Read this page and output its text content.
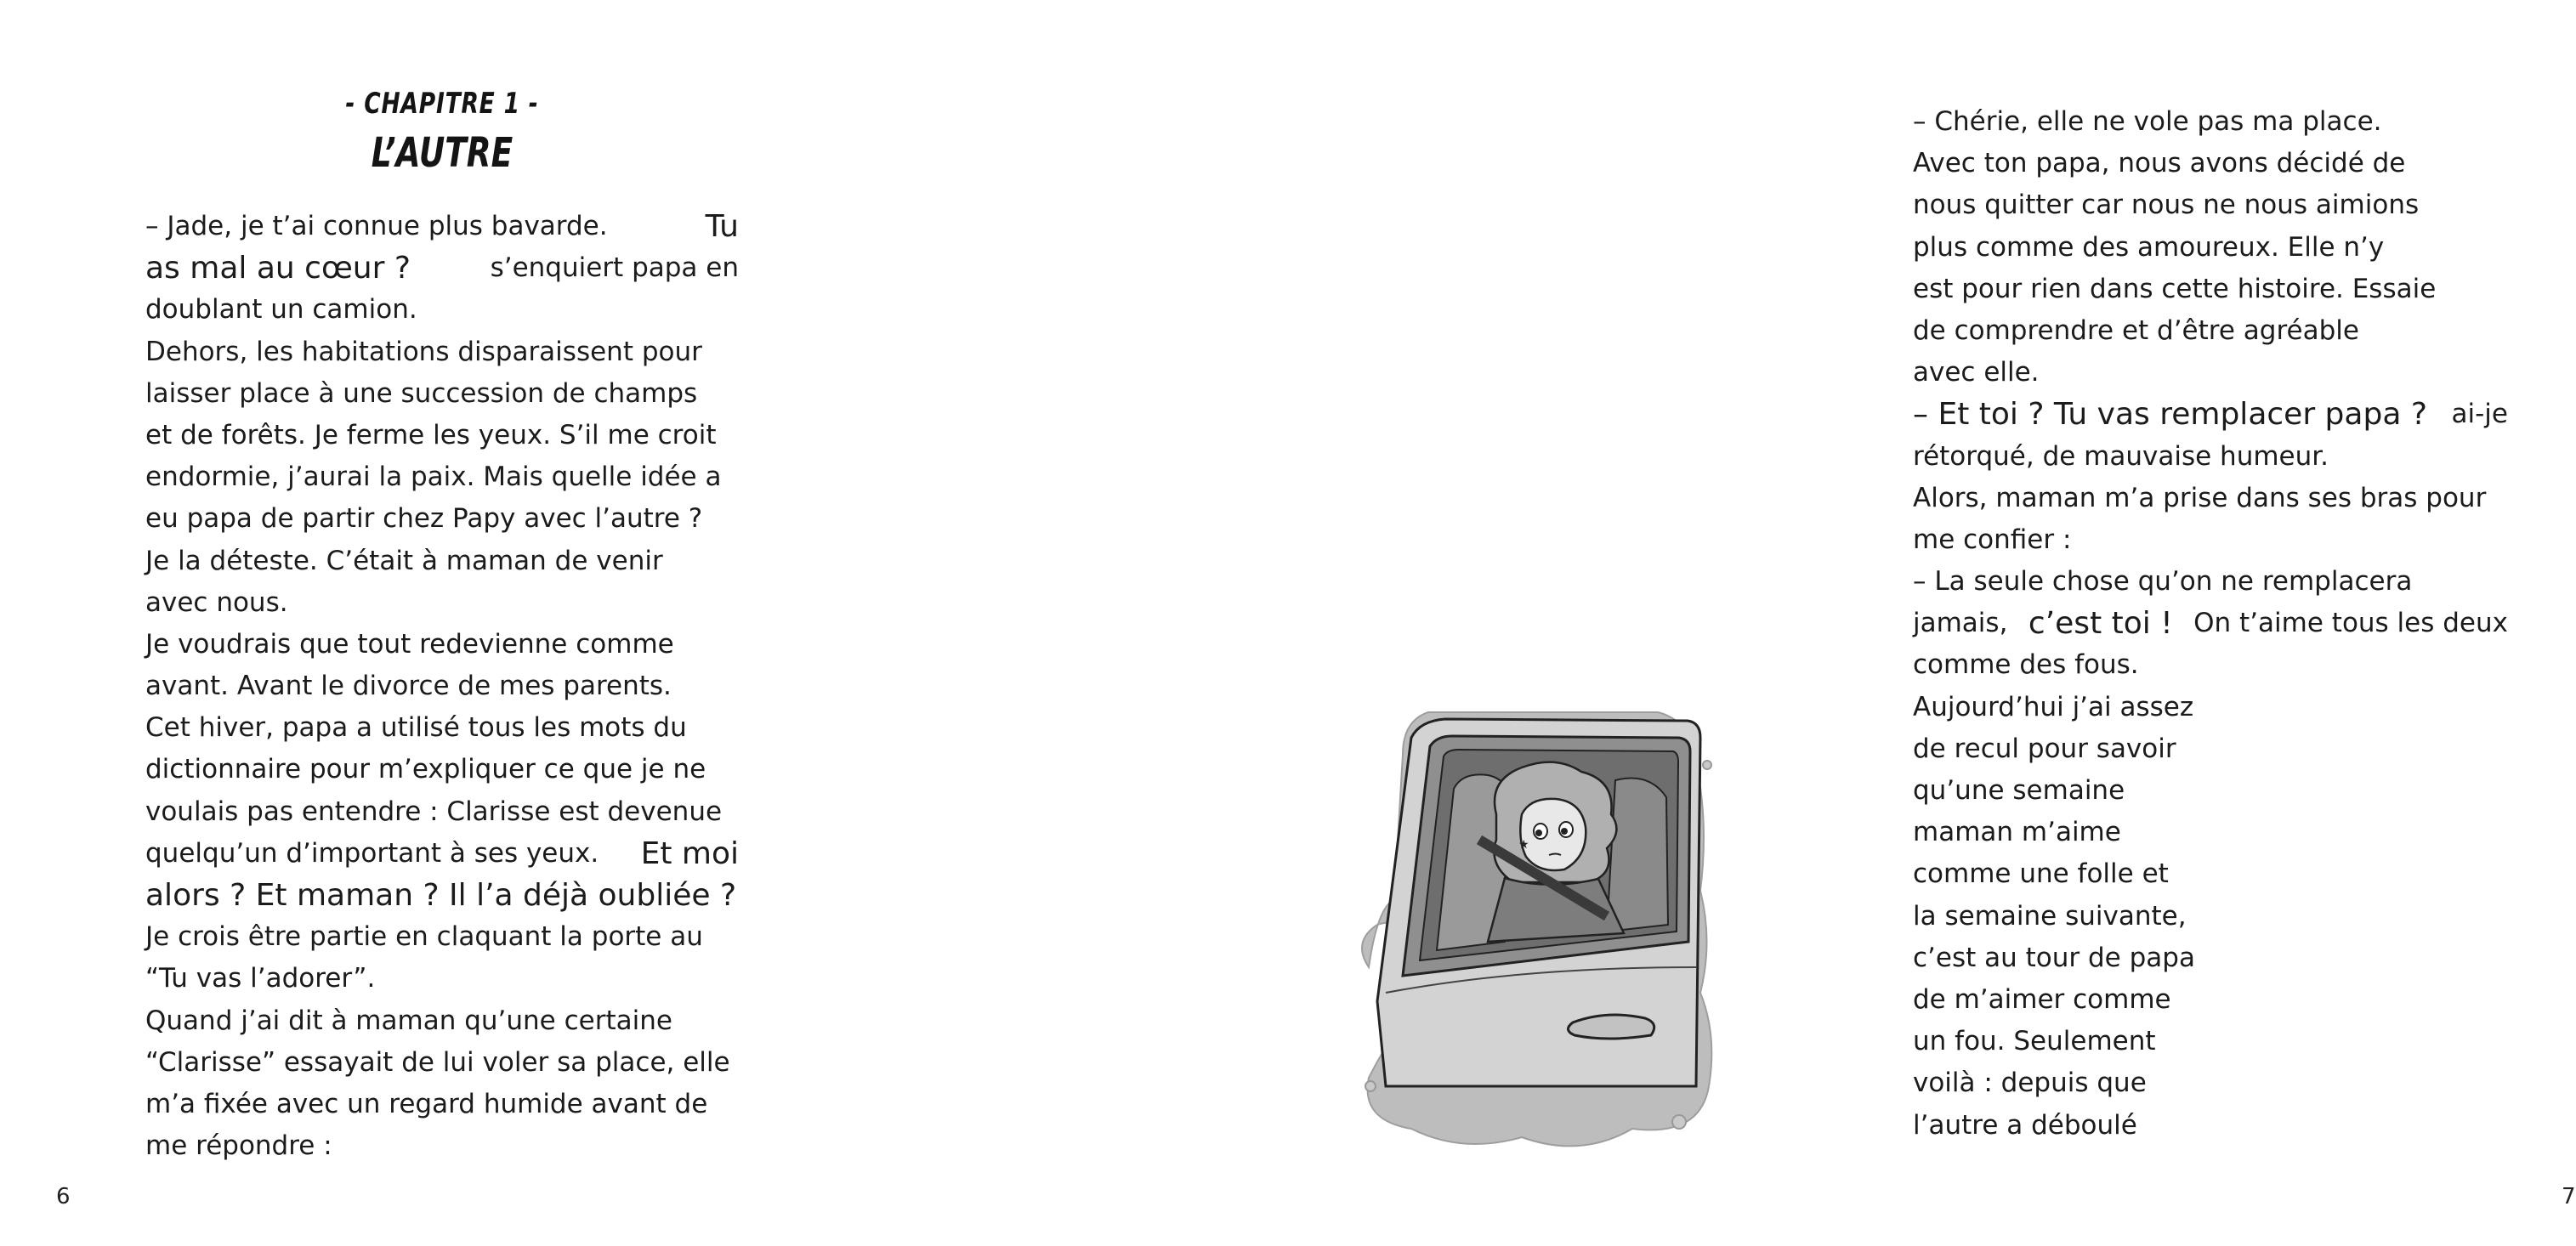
- CHAPITRE 1 -
L’AUTRE
– Jade, je t’ai connue plus bavarde.	Tu
as mal au cœur ?	s’enquiert papa en
doublant un camion.
Dehors, les habitations disparaissent pour
laisser place à une succession de champs
et de forêts. Je ferme les yeux. S’il me croit
endormie, j’aurai la paix. Mais quelle idée a
eu papa de partir chez Papy avec l’autre ?
Je la déteste. C’était à maman de venir
avec nous.
Je voudrais que tout redevienne comme
avant. Avant le divorce de mes parents.
Cet hiver, papa a utilisé tous les mots du
dictionnaire pour m’expliquer ce que je ne
voulais pas entendre : Clarisse est devenue
quelqu’un d’important à ses yeux. Et moi
alors ? Et maman ? Il l’a déjà oubliée ?
Je crois être partie en claquant la porte au
“Tu vas l’adorer”.
Quand j’ai dit à maman qu’une certaine
“Clarisse” essayait de lui voler sa place, elle
m’a fixée avec un regard humide avant de
me répondre :
6
– Chérie, elle ne vole pas ma place.
Avec ton papa, nous avons décidé de
nous quitter car nous ne nous aimions
plus comme des amoureux. Elle n’y
est pour rien dans cette histoire. Essaie
de comprendre et d’être agréable
avec elle.
– Et toi ? Tu vas remplacer papa ? ai-je
rétorqué, de mauvaise humeur.
Alors, maman m’a prise dans ses bras pour
me confier :
– La seule chose qu’on ne remplacera
jamais, c’est toi ! On t’aime tous les deux
comme des fous.
Aujourd’hui j’ai assez
de recul pour savoir
qu’une semaine
maman m’aime
comme une folle et
la semaine suivante,
c’est au tour de papa
de m’aimer comme
un fou. Seulement
voilà : depuis que
l’autre a déboulé
7
★
